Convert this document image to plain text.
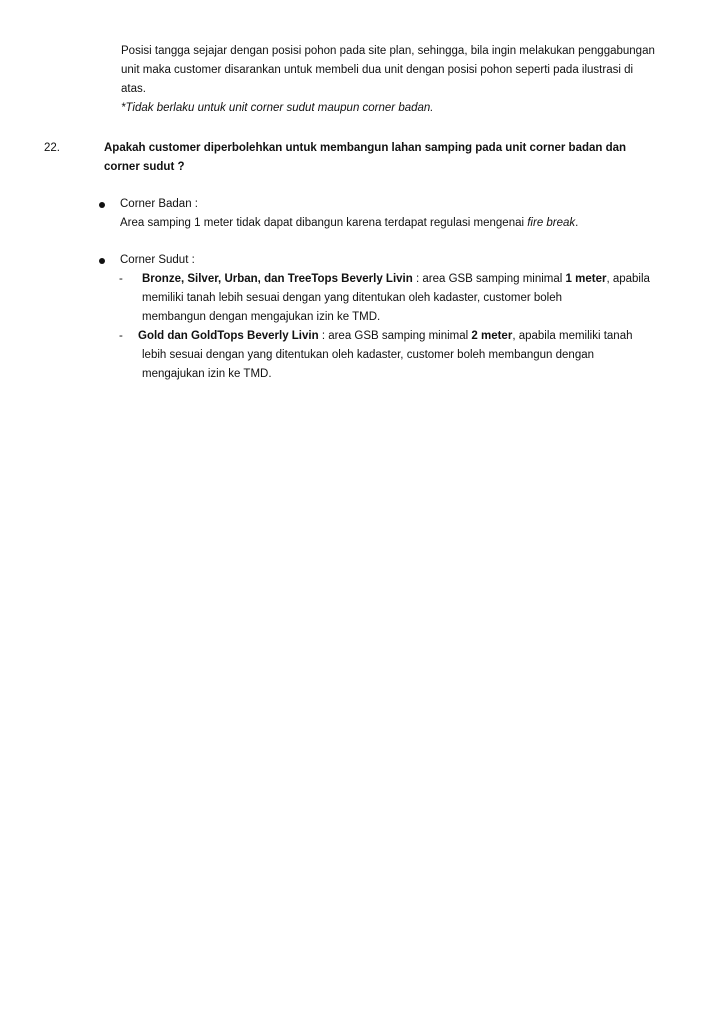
Posisi tangga sejajar dengan posisi pohon pada site plan, sehingga, bila ingin melakukan penggabungan

unit maka customer disarankan untuk membeli dua unit dengan posisi pohon seperti pada ilustrasi di

atas.

*Tidak berlaku untuk unit corner sudut maupun corner badan.

22.	Apakah customer diperbolehkan untuk membangun lahan samping pada unit corner badan dan

corner sudut ?

Corner Badan :

Area samping 1 meter tidak dapat dibangun karena terdapat regulasi mengenai fire break.

Corner Sudut :

- Bronze, Silver, Urban, dan TreeTops Beverly Livin : area GSB samping minimal 1 meter, apabila

memiliki tanah lebih sesuai dengan yang ditentukan oleh kadaster, customer boleh

membangun dengan mengajukan izin ke TMD.

- Gold dan GoldTops Beverly Livin : area GSB samping minimal 2 meter, apabila memiliki tanah

lebih sesuai dengan yang ditentukan oleh kadaster, customer boleh membangun dengan

mengajukan izin ke TMD.
